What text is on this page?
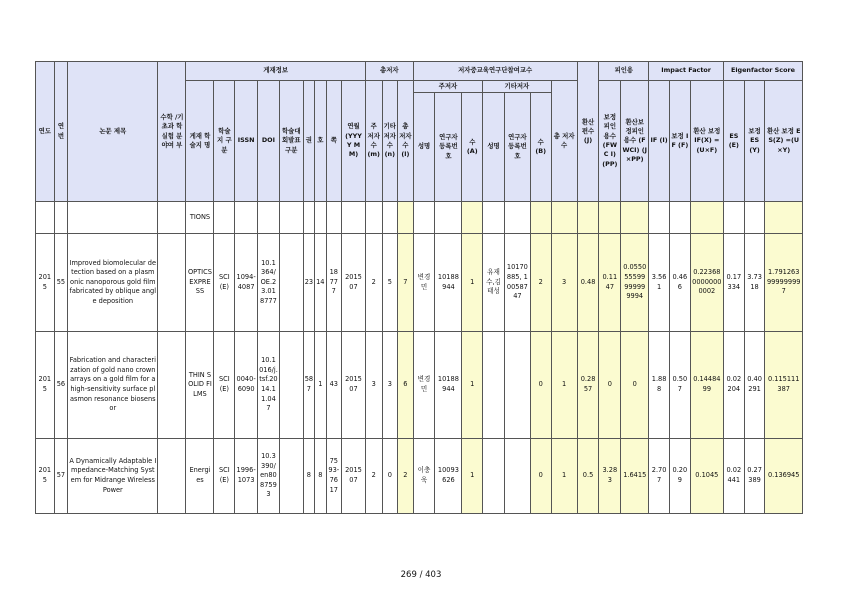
연도	연번	논문 제목	수학 /기초과 학실험 분야여 부	게재정보									총저자			저자중교육연구단참여교수							환산 편수 (J)	피인용		Impact Factor			Eigenfactor Score		
				게재 학술지 명	학술 지 구 분	ISSN	DOI	학술대 회발표 구분	권	호	쪽	연월 (YYYY MM)	주 저자 수 (m)	기타 저자 수 (n)	총 저자 수 (l)	주저자			기타저자			총 저자 수		보정 피인 용수 (FWC I) (PP)	환산보 정피인 용수 (FWCI) (J×PP)	IF (I)	보정 IF (F)	환산 보정 IF(X) = (U×F)	ES (E)	보정 ES (Y)	환산 보정 ES(Z) =(U×Y)
																성명	연구자 등록번 호	수 (A)	성명	연구자 등록번 호	수 (B)										
				TIONS																											
2015	55	Improved biomolecular detection based on a plasmonic nanoporous gold film fabricated by oblique angle deposition		OPTICS EXPRESS	SCI(E)	1094-4087	10.1364/OE.23.018777		23	14	18777	201507	2	5	7	변경민	10188944	1	유재수,김태성	10170885, 10058747	2	3	0.48	0.1147	0.055055599999999994	3.561	0.466	0.2236800000000002	0.17334	3.7318	1.791263999999997
2015	56	Fabrication and characterization of gold nano crown arrays on a gold film for a high-sensitivity surface plasmon resonance biosensor		THIN SOLID FILMS	SCI(E)	0040-6090	10.1016/j.tsf.2014.11.047		587	1	43	201507	3	3	6	변경민	10188944	1			0	1	0.2857	0	0	1.888	0.507	0.1448499	0.02204	0.40291	0.115111387
2015	57	A Dynamically Adaptable Impedance-Matching System for Midrange Wireless Power		Energies	SCI(E)	1996-1073	10.3390/en8087593		8	8	7593-7617	201507	2	0	2	이충욱	10093626	1			0	1	0.5	3.283	1.6415	2.707	0.209	0.1045	0.02441	0.27389	0.136945
269 / 403
